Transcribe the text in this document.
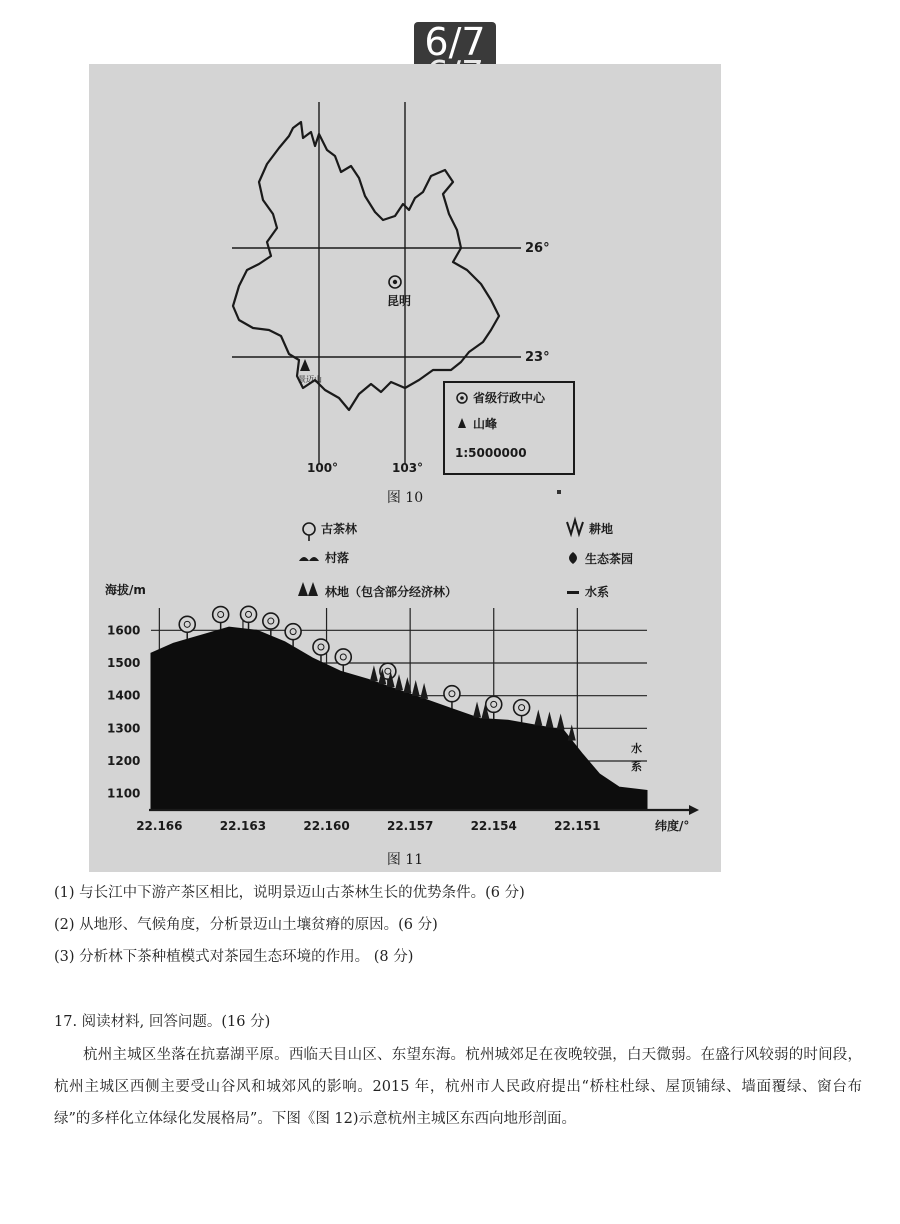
6/7
昆明
景迈山
26°
23°
100°	103°
省级行政中心
山峰
1:5000000
图 10
古茶林
村落
林地（包含部分经济林）
耕地
生态茶园
水系
海拔/m
1600
1500
1400
1300
1200
1100
22.166	22.163	22.160	22.157	22.154	22.151	纬度/°
水
系
图 11
(1) 与长江中下游产茶区相比，说明景迈山古茶林生长的优势条件。(6 分)
(2) 从地形、气候角度，分析景迈山土壤贫瘠的原因。(6 分)
(3) 分析林下茶种植模式对茶园生态环境的作用。 (8 分)
17. 阅读材料, 回答问题。(16 分)
杭州主城区坐落在抗嘉湖平原。西临天目山区、东望东海。杭州城郊足在夜晚较强，白天微弱。在盛行风较弱的时间段，杭州主城区西侧主要受山谷风和城郊风的影响。2015 年，杭州市人民政府提出“桥柱杜绿、屋顶铺绿、墙面覆绿、窗台布绿”的多样化立体绿化发展格局”。下图《图 12)示意杭州主城区东西向地形剖面。
